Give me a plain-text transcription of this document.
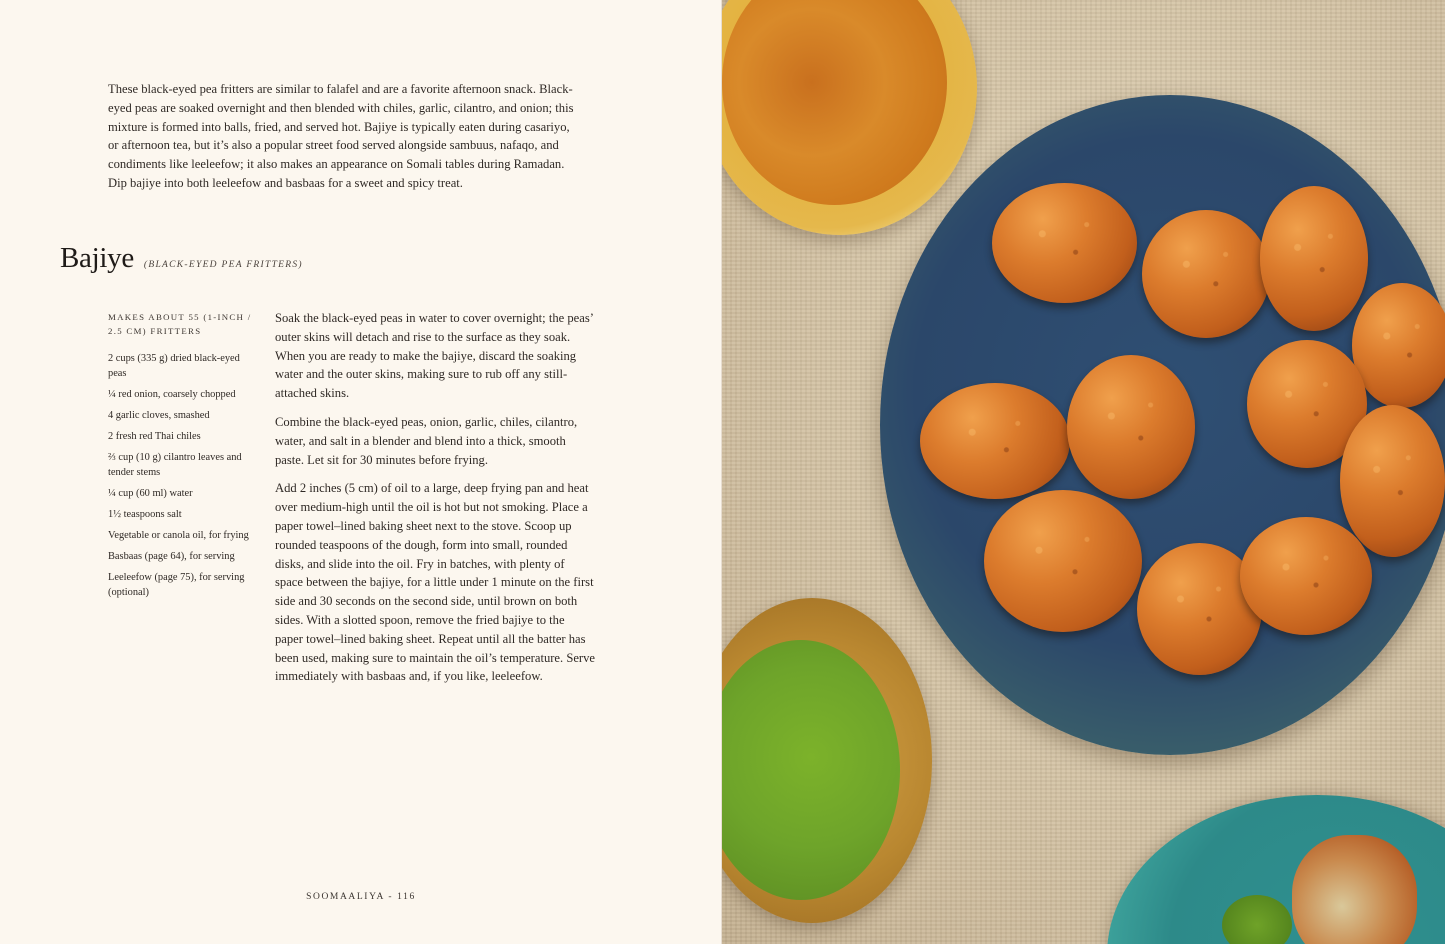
These black-eyed pea fritters are similar to falafel and are a favorite afternoon snack. Black-eyed peas are soaked overnight and then blended with chiles, garlic, cilantro, and onion; this mixture is formed into balls, fried, and served hot. Bajiye is typically eaten during casariyo, or afternoon tea, but it’s also a popular street food served alongside sambuus, nafaqo, and condiments like leeleefow; it also makes an appearance on Somali tables during Ramadan. Dip bajiye into both leeleefow and basbaas for a sweet and spicy treat.

Bajiye (BLACK-EYED PEA FRITTERS)

MAKES ABOUT 55 (1-INCH / 2.5 CM) FRITTERS

2 cups (335 g) dried black-eyed peas
¼ red onion, coarsely chopped
4 garlic cloves, smashed
2 fresh red Thai chiles
⅔ cup (10 g) cilantro leaves and tender stems
¼ cup (60 ml) water
1½ teaspoons salt
Vegetable or canola oil, for frying
Basbaas (page 64), for serving
Leeleefow (page 75), for serving (optional)

Soak the black-eyed peas in water to cover overnight; the peas’ outer skins will detach and rise to the surface as they soak. When you are ready to make the bajiye, discard the soaking water and the outer skins, making sure to rub off any still-attached skins.

Combine the black-eyed peas, onion, garlic, chiles, cilantro, water, and salt in a blender and blend into a thick, smooth paste. Let sit for 30 minutes before frying.

Add 2 inches (5 cm) of oil to a large, deep frying pan and heat over medium-high until the oil is hot but not smoking. Place a paper towel–lined baking sheet next to the stove. Scoop up rounded teaspoons of the dough, form into small, rounded disks, and slide into the oil. Fry in batches, with plenty of space between the bajiye, for a little under 1 minute on the first side and 30 seconds on the second side, until brown on both sides. With a slotted spoon, remove the fried bajiye to the paper towel–lined baking sheet. Repeat until all the batter has been used, making sure to maintain the oil’s temperature. Serve immediately with basbaas and, if you like, leeleefow.

SOOMAALIYA - 116
